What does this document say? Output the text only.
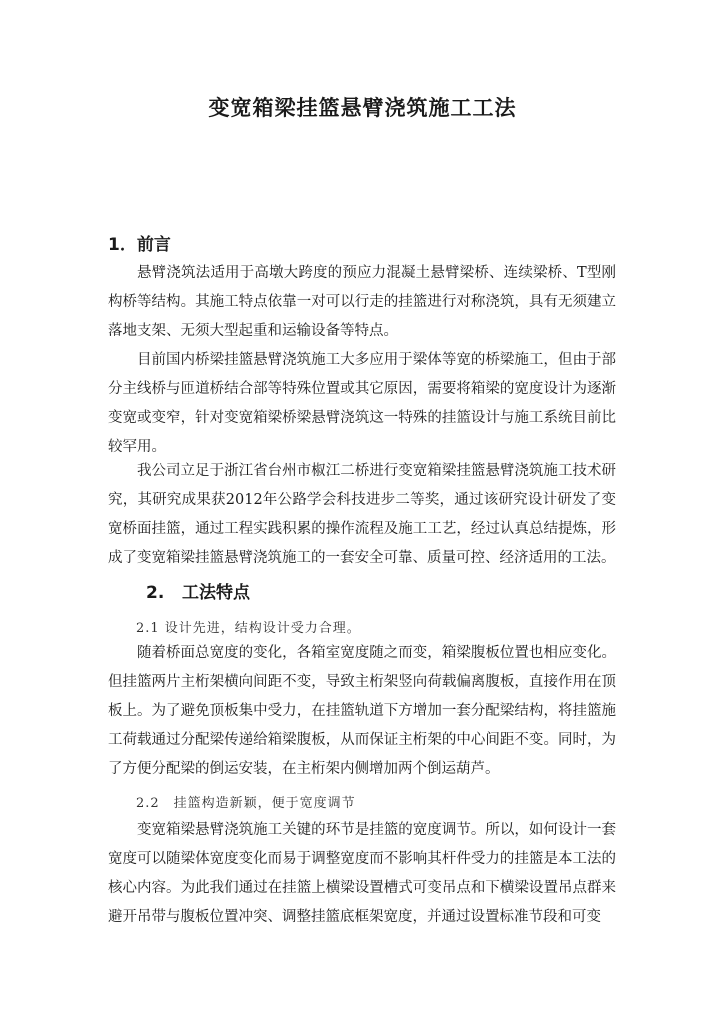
变宽箱梁挂篮悬臂浇筑施工工法
1．前言
悬臂浇筑法适用于高墩大跨度的预应力混凝土悬臂梁桥、连续梁桥、T型刚构桥等结构。其施工特点依靠一对可以行走的挂篮进行对称浇筑，具有无须建立落地支架、无须大型起重和运输设备等特点。
目前国内桥梁挂篮悬臂浇筑施工大多应用于梁体等宽的桥梁施工，但由于部分主线桥与匝道桥结合部等特殊位置或其它原因，需要将箱梁的宽度设计为逐渐变宽或变窄，针对变宽箱梁桥梁悬臂浇筑这一特殊的挂篮设计与施工系统目前比较罕用。
我公司立足于浙江省台州市椒江二桥进行变宽箱梁挂篮悬臂浇筑施工技术研究，其研究成果获2012年公路学会科技进步二等奖，通过该研究设计研发了变宽桥面挂篮，通过工程实践积累的操作流程及施工工艺，经过认真总结提炼，形成了变宽箱梁挂篮悬臂浇筑施工的一套安全可靠、质量可控、经济适用的工法。
2. 工法特点
2.1 设计先进，结构设计受力合理。
随着桥面总宽度的变化，各箱室宽度随之而变，箱梁腹板位置也相应变化。但挂篮两片主桁架横向间距不变，导致主桁架竖向荷载偏离腹板，直接作用在顶板上。为了避免顶板集中受力，在挂篮轨道下方增加一套分配梁结构，将挂篮施工荷载通过分配梁传递给箱梁腹板，从而保证主桁架的中心间距不变。同时，为了方便分配梁的倒运安装，在主桁架内侧增加两个倒运葫芦。
2.2　挂篮构造新颖，便于宽度调节
变宽箱梁悬臂浇筑施工关键的环节是挂篮的宽度调节。所以，如何设计一套宽度可以随梁体宽度变化而易于调整宽度而不影响其杆件受力的挂篮是本工法的核心内容。为此我们通过在挂篮上横梁设置槽式可变吊点和下横梁设置吊点群来避开吊带与腹板位置冲突、调整挂篮底框架宽度，并通过设置标准节段和可变
